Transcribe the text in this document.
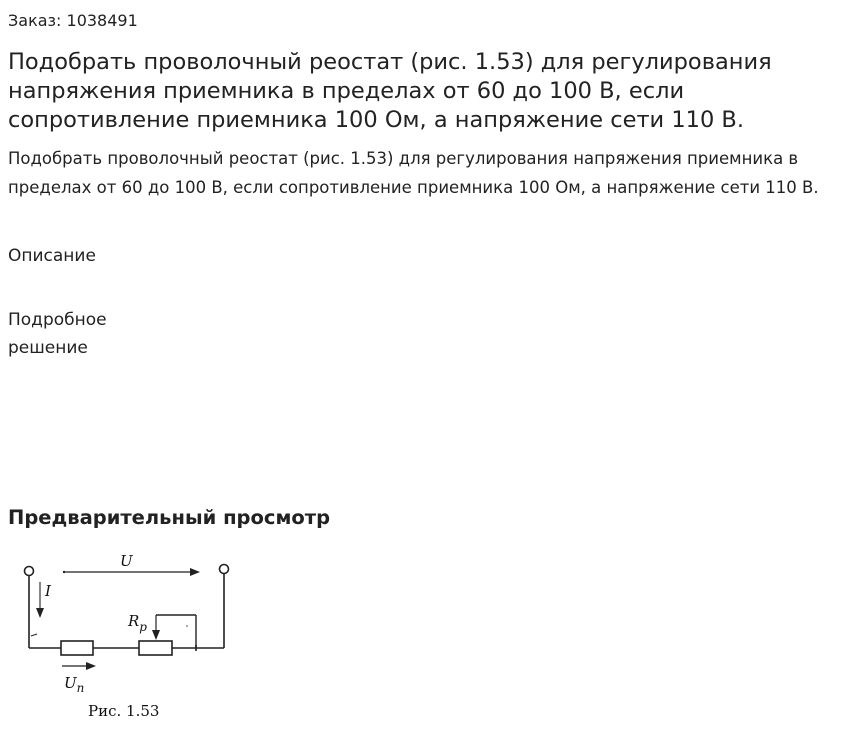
Заказ: 1038491
Подобрать проволочный реостат (рис. 1.53) для регулирования напряжения приемника в пределах от 60 до 100 В, если сопротивление приемника 100 Ом, а напряжение сети 110 В.

Подобрать проволочный реостат (рис. 1.53) для регулирования напряжения приемника в пределах от 60 до 100 В, если сопротивление приемника 100 Ом, а напряжение сети 110 В.

Описание
Подробное решение
Предварительный просмотр
U
I
$R_р$
$U_п$
Рис. 1.53
